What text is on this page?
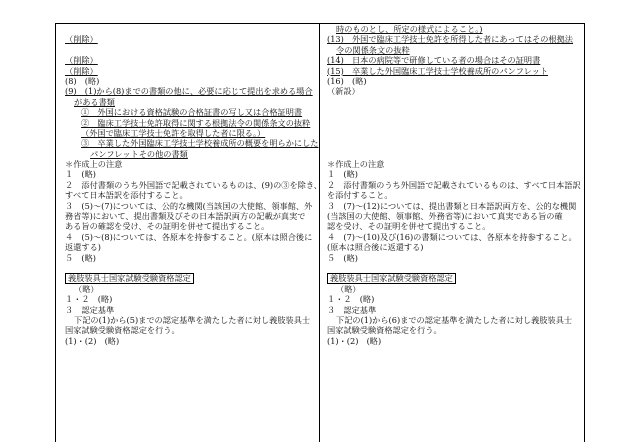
（削除）
（削除）
（削除）
(8)　(略)
(9)　(1)から(8)までの書類の他に、必要に応じて提出を求める場合
がある書類
①　外国における資格試験の合格証書の写し又は合格証明書
②　臨床工学技士免許取得に関する根拠法令の関係条文の抜粋
（外国で臨床工学技士免許を取得した者に限る。）
③　卒業した外国臨床工学技士学校養成所の概要を明らかにした
パンフレットその他の書類
＊作成上の注意
１　(略)
２　添付書類のうち外国語で記載されているものは、(9)の③を除き、
すべて日本語訳を添付すること。
３　(5)～(7)については、公的な機関(当該国の大使館、領事館、外
務省等)において、提出書類及びその日本語訳両方の記載が真実で
ある旨の確認を受け、その証明を併せて提出すること。
４　(5)～(8)については、各原本を持参すること。(原本は照合後に
返還する)
５　(略)
義肢装具士国家試験受験資格認定
（略）
１・２　(略)
３　認定基準
下記の(1)から(5)までの認定基準を満たした者に対し義肢装具士
国家試験受験資格認定を行う。
(1)・(2)　(略)
時のものとし、所定の様式によること。)
(13)　外国で臨床工学技士免許を所得した者にあってはその根拠法
令の関係条文の抜粋
(14)　日本の病院等で研修している者の場合はその証明書
(15)　卒業した外国臨床工学技士学校養成所のパンフレット
(16)　(略)
（新設）
＊作成上の注意
１　(略)
２　添付書類のうち外国語で記載されているものは、すべて日本語訳
を添付すること。
３　(7)～(12)については、提出書類と日本語訳両方を、公的な機関
(当該国の大使館、領事館、外務省等)において真実である旨の確
認を受け、その証明を併せて提出すること。
４　(7)～(10)及び(16)の書類については、各原本を持参すること。
(原本は照合後に返還する)
５　(略)
義肢装具士国家試験受験資格認定
（略）
１・２　(略)
３　認定基準
下記の(1)から(6)までの認定基準を満たした者に対し義肢装具士
国家試験受験資格認定を行う。
(1)・(2)　(略)
